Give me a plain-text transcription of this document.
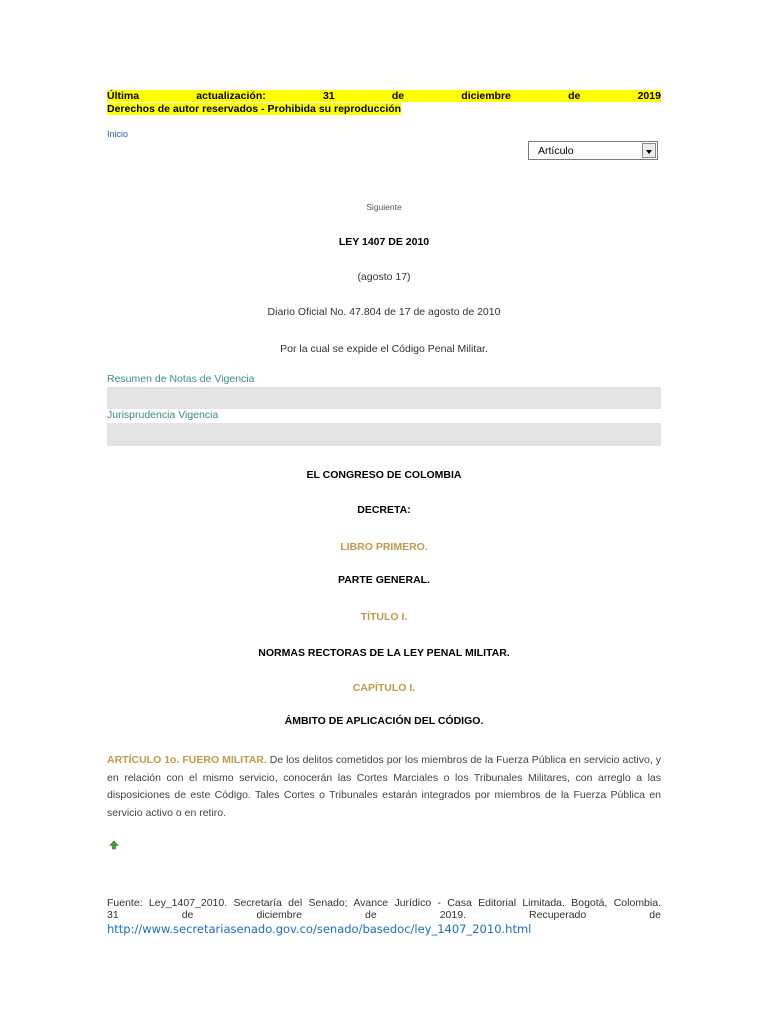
Última	actualización:	31	de	diciembre	de	2019
Derechos de autor reservados - Prohibida su reproducción
Inicio
Artículo
Siguiente
LEY 1407 DE 2010
(agosto 17)
Diario Oficial No. 47.804 de 17 de agosto de 2010
Por la cual se expide el Código Penal Militar.
Resumen de Notas de Vigencia
Jurisprudencia Vigencia
EL CONGRESO DE COLOMBIA
DECRETA:
LIBRO PRIMERO.
PARTE GENERAL.
TÍTULO I.
NORMAS RECTORAS DE LA LEY PENAL MILITAR.
CAPÍTULO I.
ÁMBITO DE APLICACIÓN DEL CÓDIGO.
ARTÍCULO 1o. FUERO MILITAR. De los delitos cometidos por los miembros de la Fuerza Pública en servicio activo, y en relación con el mismo servicio, conocerán las Cortes Marciales o los Tribunales Militares, con arreglo a las disposiciones de este Código. Tales Cortes o Tribunales estarán integrados por miembros de la Fuerza Pública en servicio activo o en retiro.
Fuente: Ley_1407_2010. Secretaría del Senado; Avance Jurídico - Casa Editorial Limitada. Bogotá, Colombia.
31	de	diciembre	de	2019.	Recuperado	de
http://www.secretariasenado.gov.co/senado/basedoc/ley_1407_2010.html
